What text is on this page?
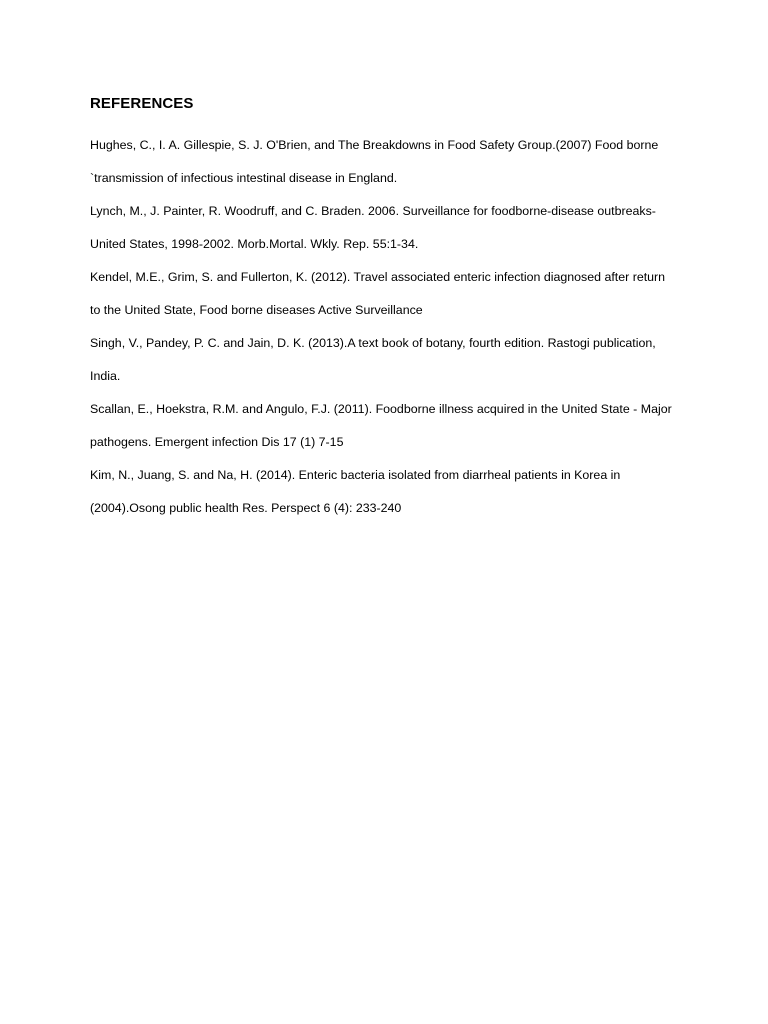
REFERENCES
Hughes, C., I. A. Gillespie, S. J. O'Brien, and The Breakdowns in Food Safety Group.(2007) Food borne
`transmission of infectious intestinal disease in England.
Lynch, M., J. Painter, R. Woodruff, and C. Braden. 2006. Surveillance for foodborne-disease outbreaks-
United States, 1998-2002. Morb.Mortal. Wkly. Rep. 55:1-34.
Kendel, M.E., Grim, S. and Fullerton, K. (2012). Travel associated enteric infection diagnosed after return
to the United State, Food borne diseases Active Surveillance
Singh, V., Pandey, P. C. and Jain, D. K. (2013).A text book of botany, fourth edition. Rastogi publication,
India.
Scallan, E., Hoekstra, R.M. and Angulo, F.J. (2011). Foodborne illness acquired in the United State - Major
pathogens. Emergent infection Dis 17 (1) 7-15
Kim, N., Juang, S. and Na, H. (2014). Enteric bacteria isolated from diarrheal patients in Korea in
(2004).Osong public health Res. Perspect 6 (4): 233-240
